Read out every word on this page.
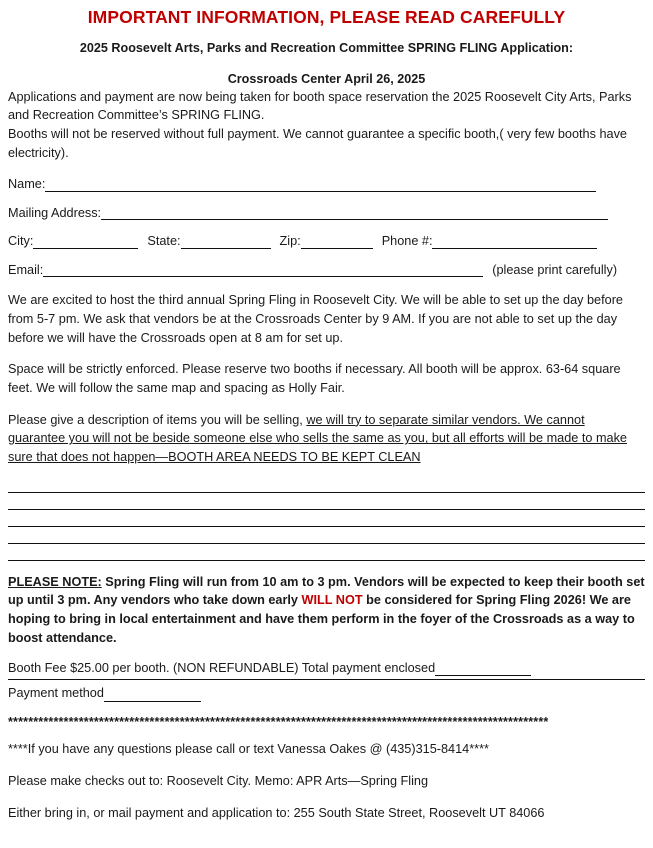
IMPORTANT INFORMATION, PLEASE READ CAREFULLY
2025 Roosevelt Arts, Parks and Recreation Committee SPRING FLING Application:
Crossroads Center April 26, 2025

Applications and payment are now being taken for booth space reservation the 2025 Roosevelt City Arts, Parks and Recreation Committee’s SPRING FLING.

Booths will not be reserved without full payment. We cannot guarantee a specific booth,( very few booths have electricity).

Name:
Mailing Address:
City:	State:	Zip:	Phone #:
Email:	(please print carefully)

We are excited to host the third annual Spring Fling in Roosevelt City. We will be able to set up the day before from 5-7 pm. We ask that vendors be at the Crossroads Center by 9 AM. If you are not able to set up the day before we will have the Crossroads open at 8 am for set up.

Space will be strictly enforced. Please reserve two booths if necessary. All booth will be approx. 63-64 square feet. We will follow the same map and spacing as Holly Fair.

Please give a description of items you will be selling, we will try to separate similar vendors. We cannot guarantee you will not be beside someone else who sells the same as you, but all efforts will be made to make sure that does not happen—BOOTH AREA NEEDS TO BE KEPT CLEAN

PLEASE NOTE: Spring Fling will run from 10 am to 3 pm. Vendors will be expected to keep their booth set up until 3 pm. Any vendors who take down early WILL NOT be considered for Spring Fling 2026! We are hoping to bring in local entertainment and have them perform in the foyer of the Crossroads as a way to boost attendance.

Booth Fee $25.00 per booth. (NON REFUNDABLE) Total payment enclosed
Payment method
***********************************************************************************************************

****If you have any questions please call or text Vanessa Oakes @ (435)315-8414****

Please make checks out to: Roosevelt City. Memo: APR Arts—Spring Fling

Either bring in, or mail payment and application to: 255 South State Street, Roosevelt UT 84066
